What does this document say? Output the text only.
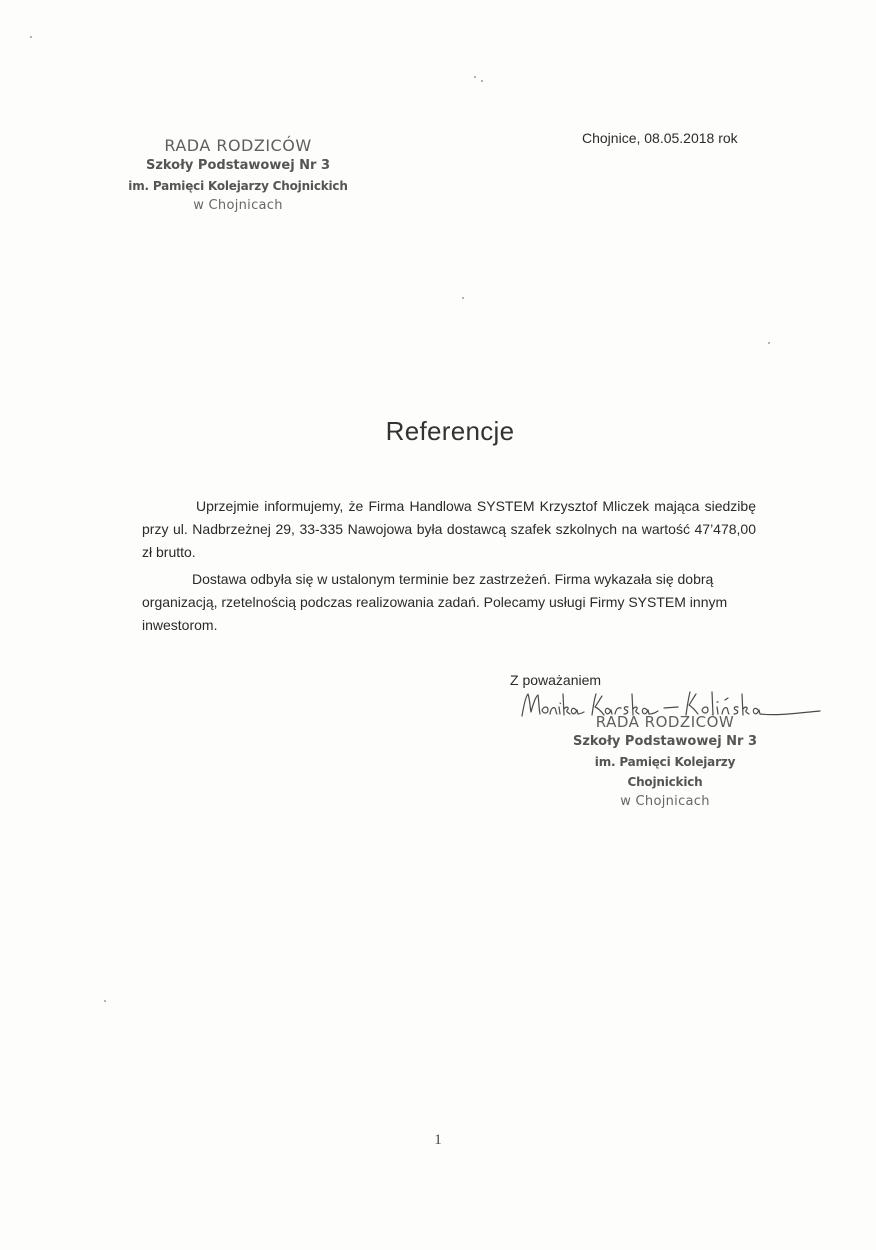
RADA RODZICÓW
Szkoły Podstawowej Nr 3
im. Pamięci Kolejarzy Chojnickich
w Chojnicach
Chojnice, 08.05.2018 rok
Referencje

Uprzejmie informujemy, że Firma Handlowa SYSTEM Krzysztof Mliczek mająca siedzibę przy ul. Nadbrzeżnej 29, 33-335 Nawojowa była dostawcą szafek szkolnych na wartość 47’478,00 zł brutto.

Dostawa odbyła się w ustalonym terminie bez zastrzeżeń. Firma wykazała się dobrą organizacją, rzetelnością podczas realizowania zadań. Polecamy usługi Firmy SYSTEM innym inwestorom.

Z poważaniem
RADA RODZICÓW
Szkoły Podstawowej Nr 3
im. Pamięci Kolejarzy Chojnickich
w Chojnicach
1
